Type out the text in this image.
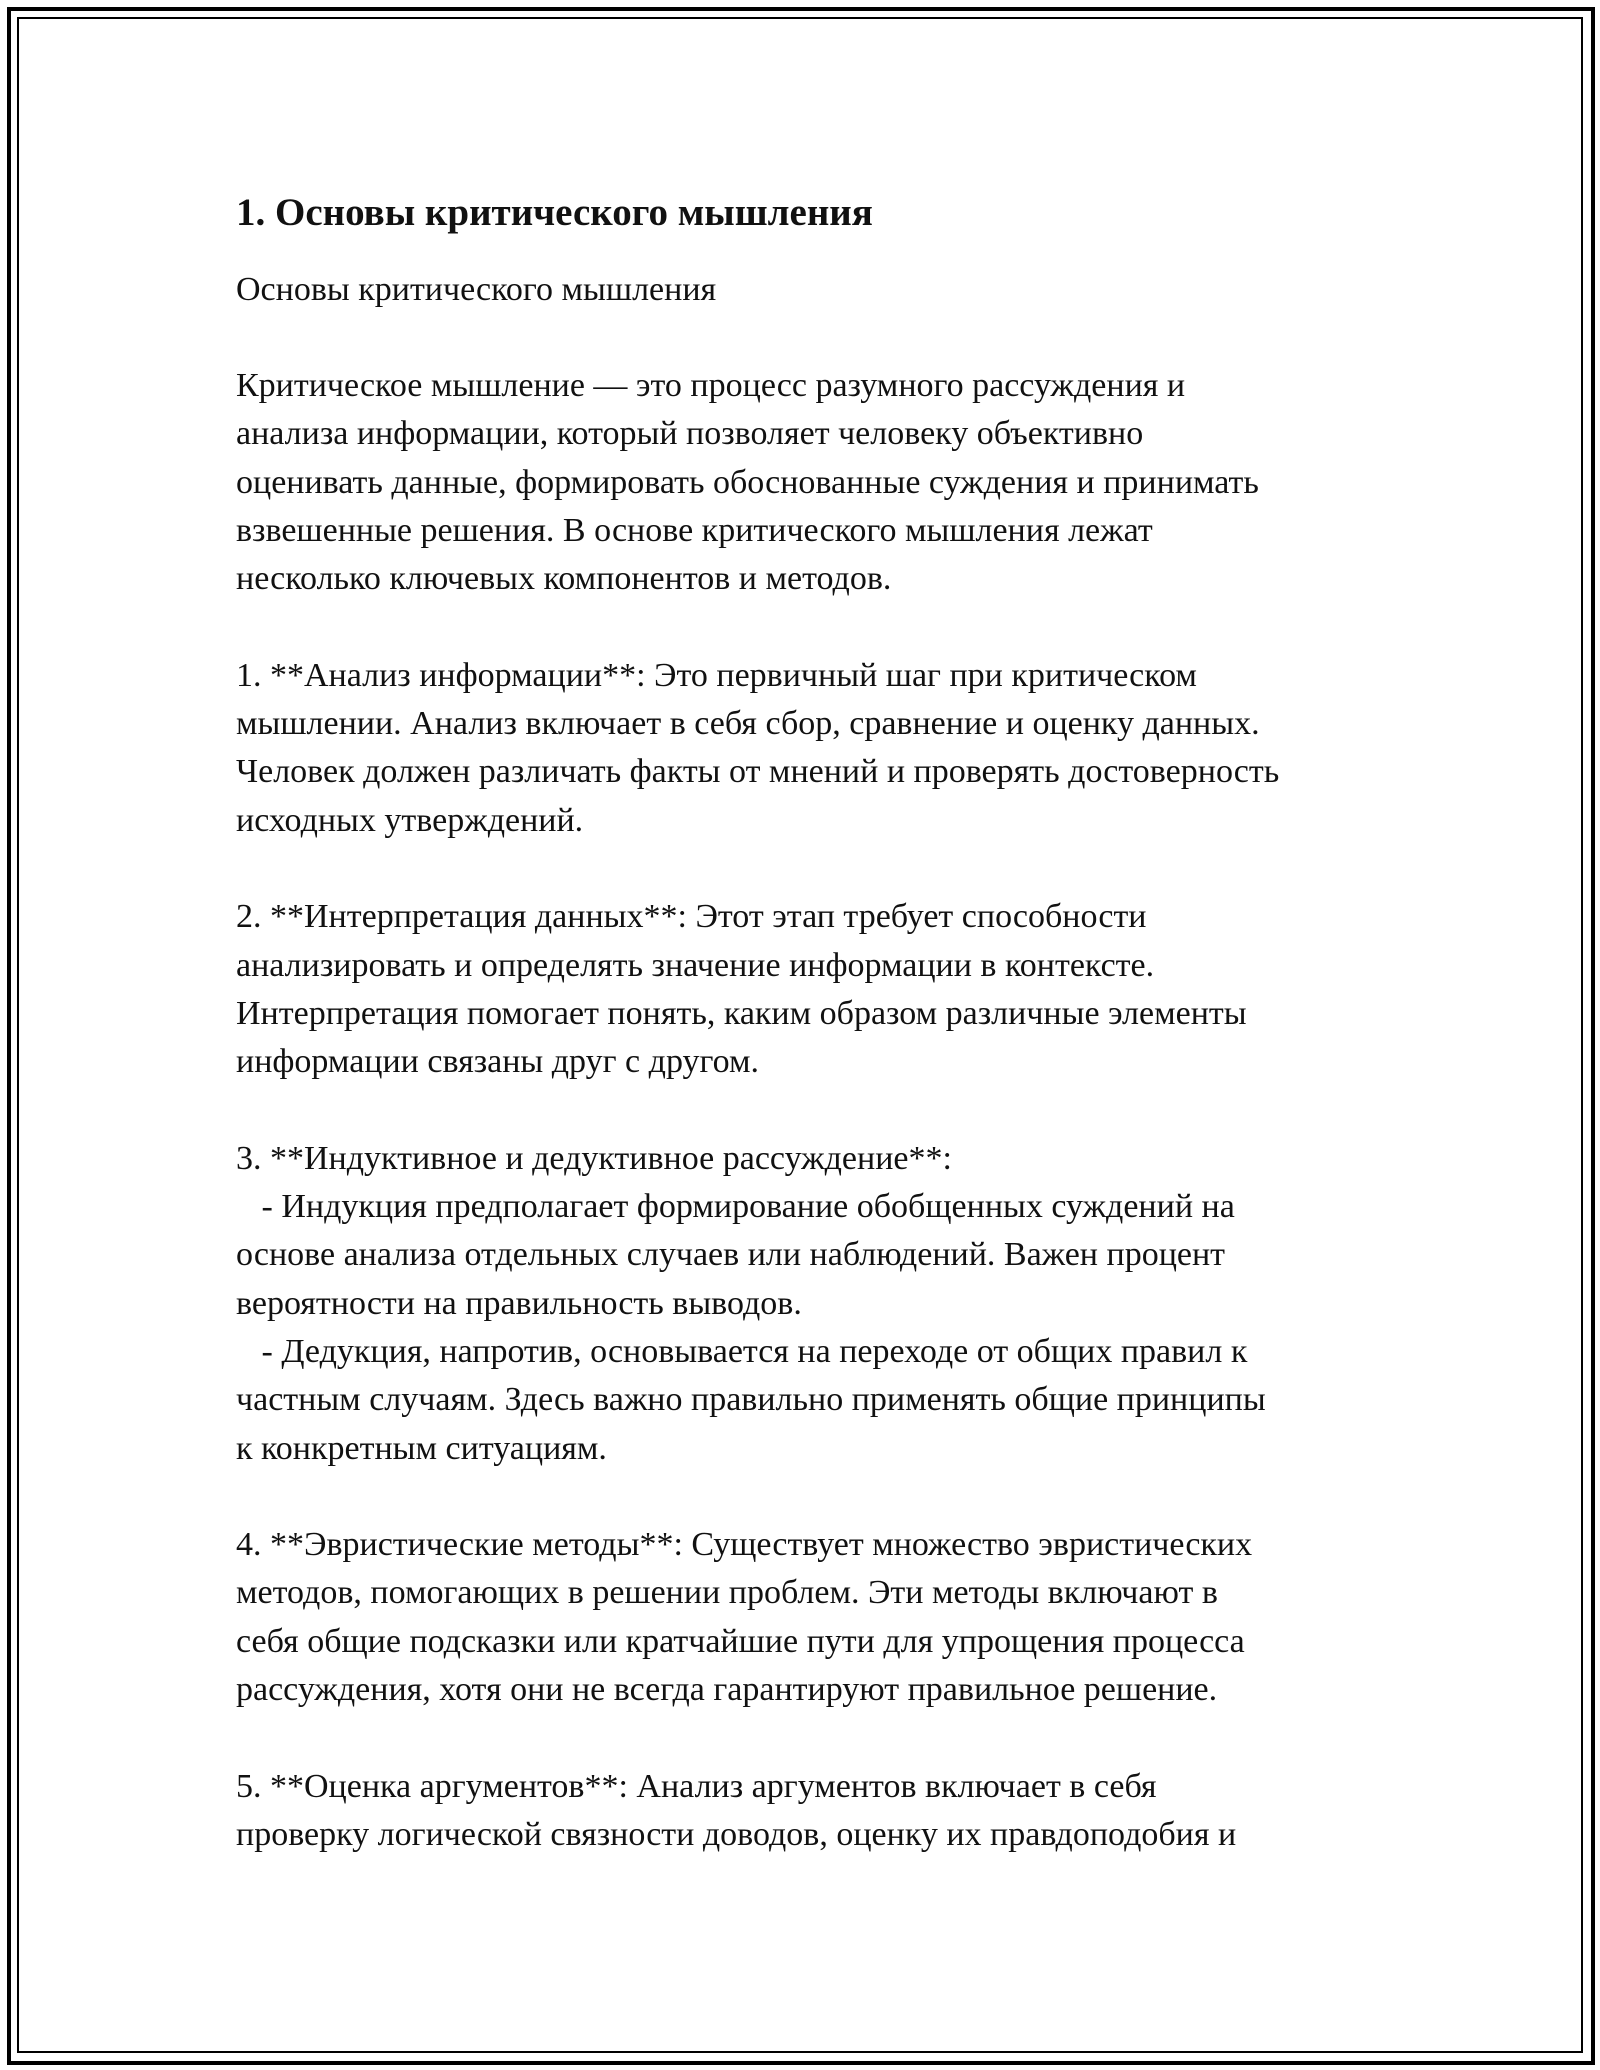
1. Основы критического мышления
Основы критического мышления
Критическое мышление — это процесс разумного рассуждения и
анализа информации, который позволяет человеку объективно
оценивать данные, формировать обоснованные суждения и принимать
взвешенные решения. В основе критического мышления лежат
несколько ключевых компонентов и методов.
1. **Анализ информации**: Это первичный шаг при критическом
мышлении. Анализ включает в себя сбор, сравнение и оценку данных.
Человек должен различать факты от мнений и проверять достоверность
исходных утверждений.
2. **Интерпретация данных**: Этот этап требует способности
анализировать и определять значение информации в контексте.
Интерпретация помогает понять, каким образом различные элементы
информации связаны друг с другом.
3. **Индуктивное и дедуктивное рассуждение**:
- Индукция предполагает формирование обобщенных суждений на
основе анализа отдельных случаев или наблюдений. Важен процент
вероятности на правильность выводов.
- Дедукция, напротив, основывается на переходе от общих правил к
частным случаям. Здесь важно правильно применять общие принципы
к конкретным ситуациям.
4. **Эвристические методы**: Существует множество эвристических
методов, помогающих в решении проблем. Эти методы включают в
себя общие подсказки или кратчайшие пути для упрощения процесса
рассуждения, хотя они не всегда гарантируют правильное решение.
5. **Оценка аргументов**: Анализ аргументов включает в себя
проверку логической связности доводов, оценку их правдоподобия и
